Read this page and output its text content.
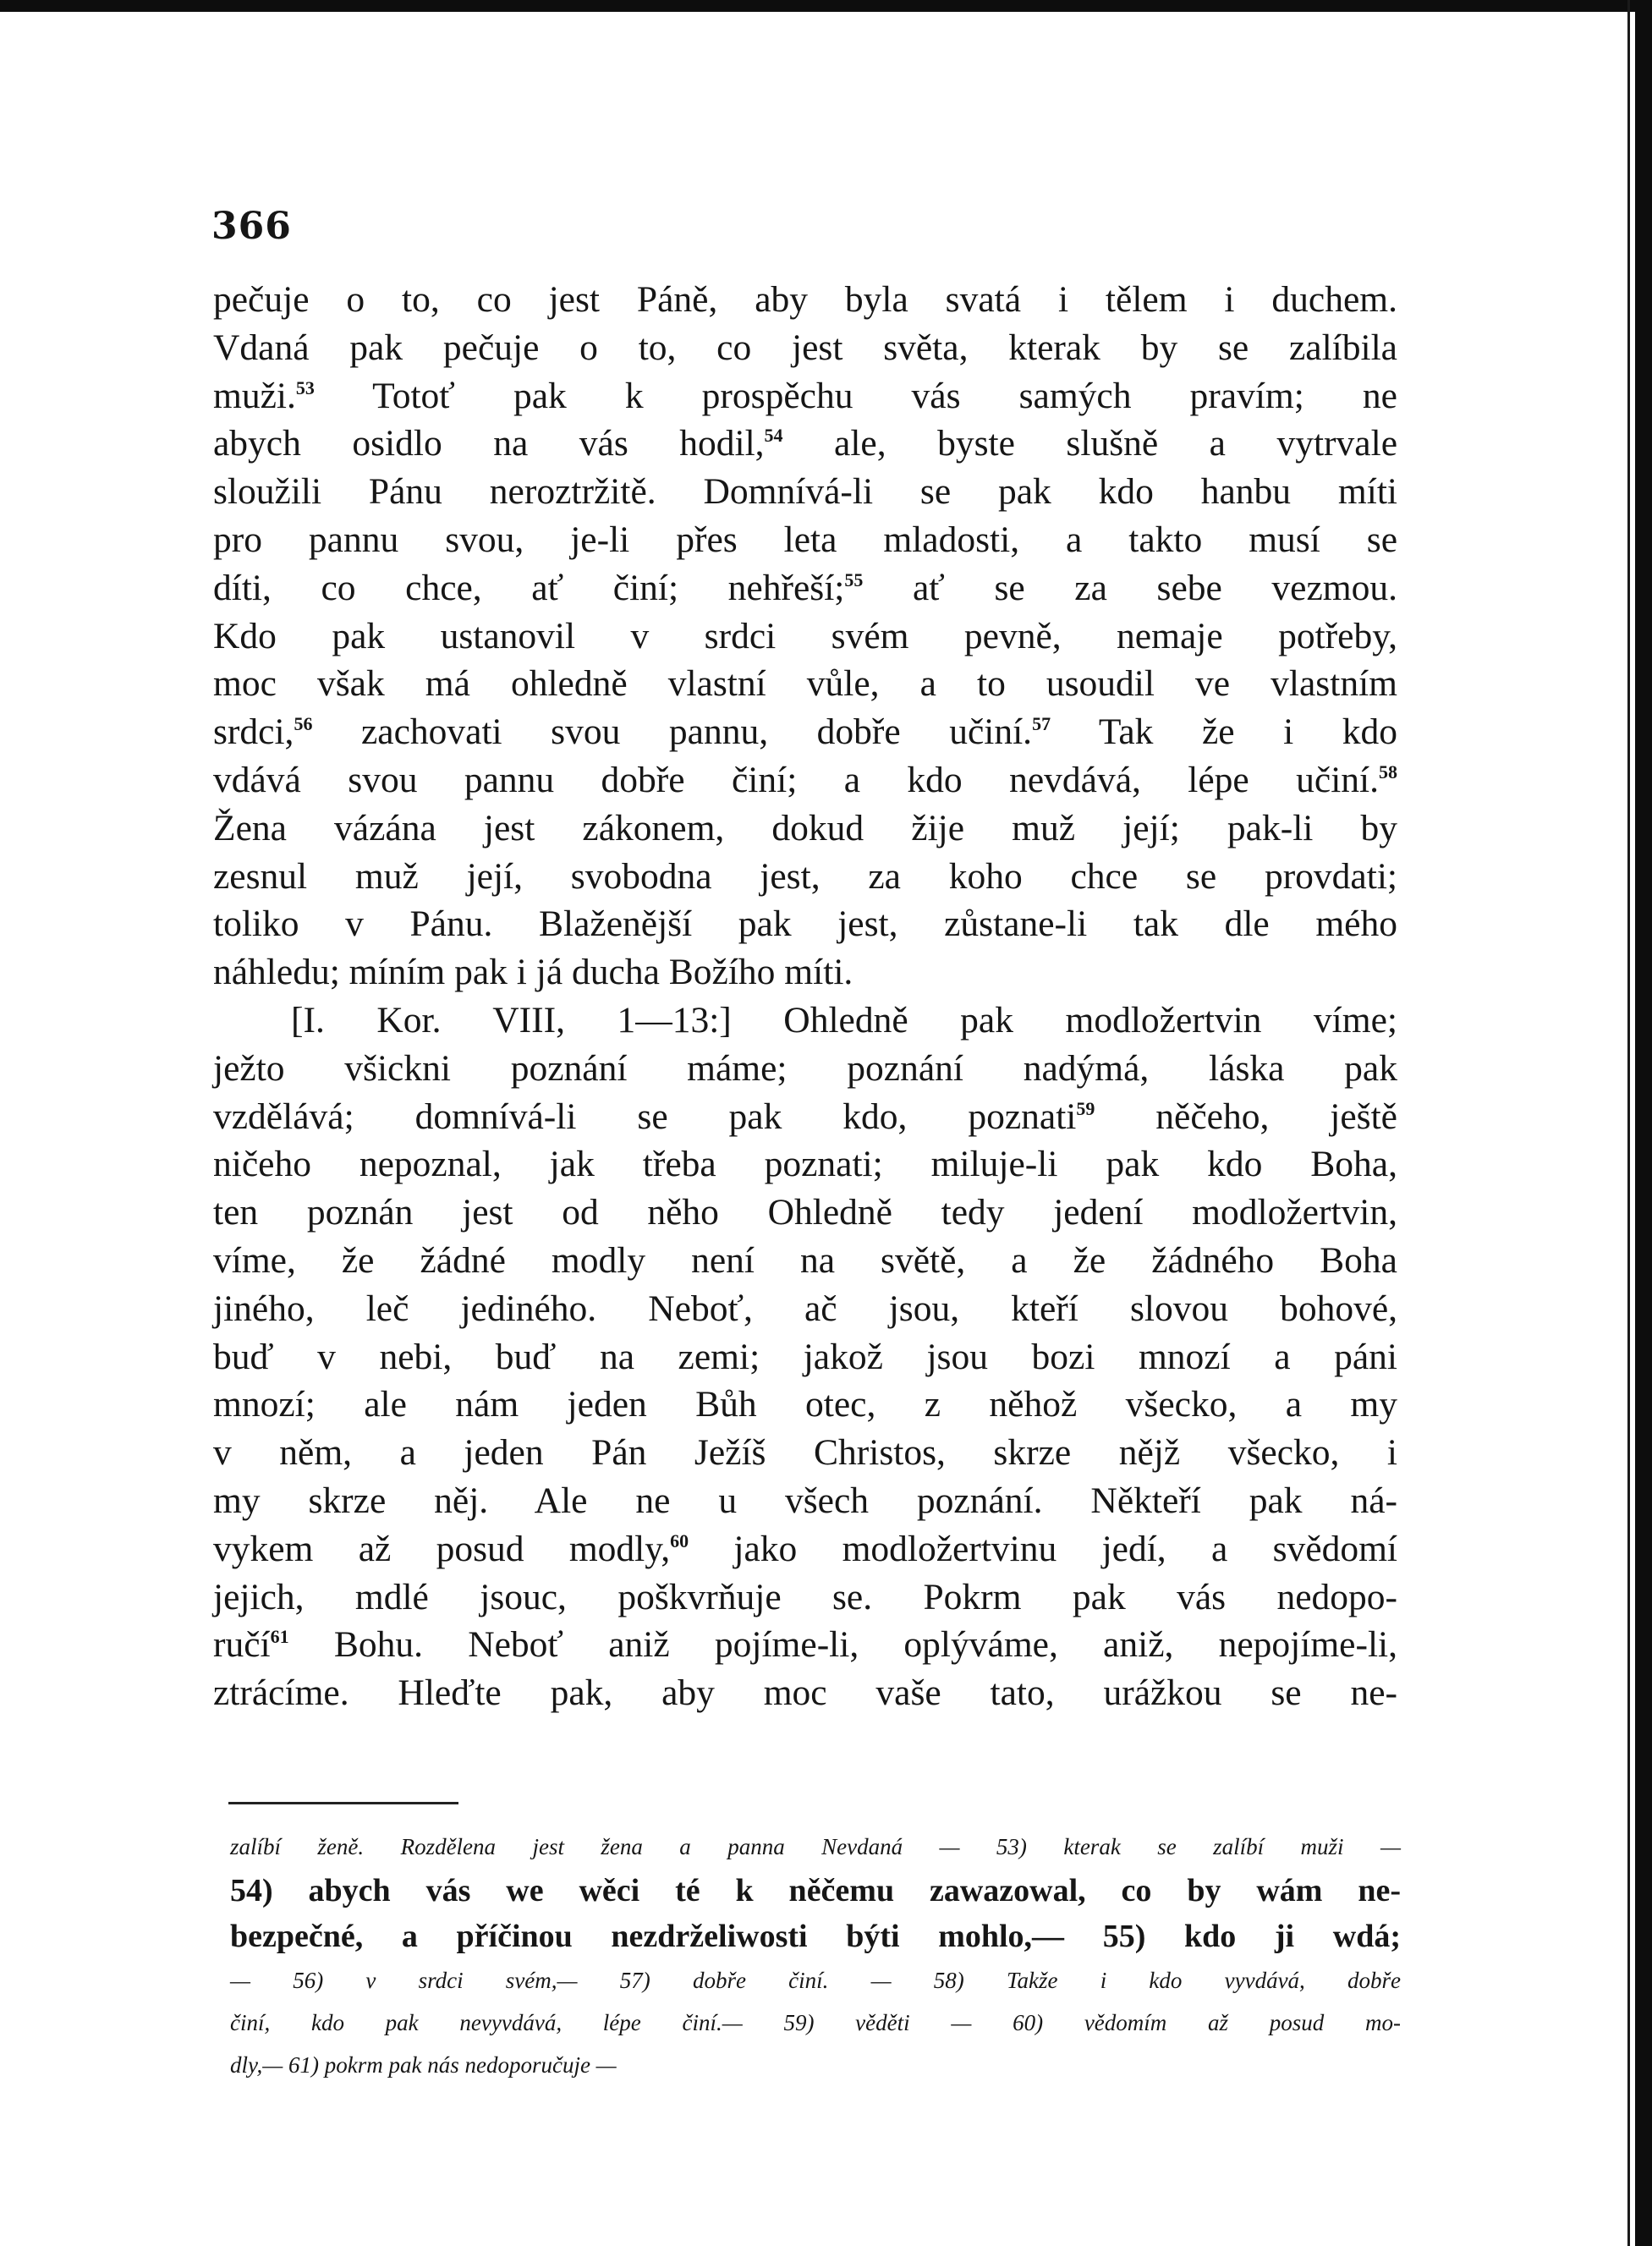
366
pečuje o to, co jest Páně, aby byla svatá i tělem i duchem.
Vdaná pak pečuje o to, co jest světa, kterak by se zalíbila
muži.$^{53}$ Totoť pak k prospěchu vás samých pravím; ne
abych osidlo na vás hodil,$^{54}$ ale, byste slušně a vytrvale
sloužili Pánu neroztržitě. Domnívá-li se pak kdo hanbu míti
pro pannu svou, je-li přes leta mladosti, a takto musí se
díti, co chce, ať činí; nehřeší;$^{55}$ ať se za sebe vezmou.
Kdo pak ustanovil v srdci svém pevně, nemaje potřeby,
moc však má ohledně vlastní vůle, a to usoudil ve vlastním
srdci,$^{56}$ zachovati svou pannu, dobře učiní.$^{57}$ Tak že i kdo
vdává svou pannu dobře činí; a kdo nevdává, lépe učiní.$^{58}$
Žena vázána jest zákonem, dokud žije muž její; pak-li by
zesnul muž její, svobodna jest, za koho chce se provdati;
toliko v Pánu. Blaženější pak jest, zůstane-li tak dle mého
náhledu; míním pak i já ducha Božího míti.
[I. Kor. VIII, 1—13:] Ohledně pak modložertvin víme;
ježto všickni poznání máme; poznání nadýmá, láska pak
vzdělává; domnívá-li se pak kdo, poznati$^{59}$ něčeho, ještě
ničeho nepoznal, jak třeba poznati; miluje-li pak kdo Boha,
ten poznán jest od něho Ohledně tedy jedení modložertvin,
víme, že žádné modly není na světě, a že žádného Boha
jiného, leč jediného. Neboť, ač jsou, kteří slovou bohové,
buď v nebi, buď na zemi; jakož jsou bozi mnozí a páni
mnozí; ale nám jeden Bůh otec, z něhož všecko, a my
v něm, a jeden Pán Ježíš Christos, skrze nějž všecko, i
my skrze něj. Ale ne u všech poznání. Někteří pak ná-
vykem až posud modly,$^{60}$ jako modložertvinu jedí, a svědomí
jejich, mdlé jsouc, poškvrňuje se. Pokrm pak vás nedopo-
ručí$^{61}$ Bohu. Neboť aniž pojíme-li, oplýváme, aniž, nepojíme-li,
ztrácíme. Hleďte pak, aby moc vaše tato, urážkou se ne-
zalíbí ženě. Rozdělena jest žena a panna Nevdaná — 53) kterak se zalíbí muži —
54) abych vás we wěci té k něčemu zawazowal, co by wám ne-
bezpečné, a příčinou nezdrželiwosti býti mohlo,— 55) kdo ji wdá;
— 56) v srdci svém,— 57) dobře činí. — 58) Takže i kdo vyvdává, dobře
činí, kdo pak nevyvdává, lépe činí.— 59) věděti — 60) vědomím až posud mo-
dly,— 61) pokrm pak nás nedoporučuje —
